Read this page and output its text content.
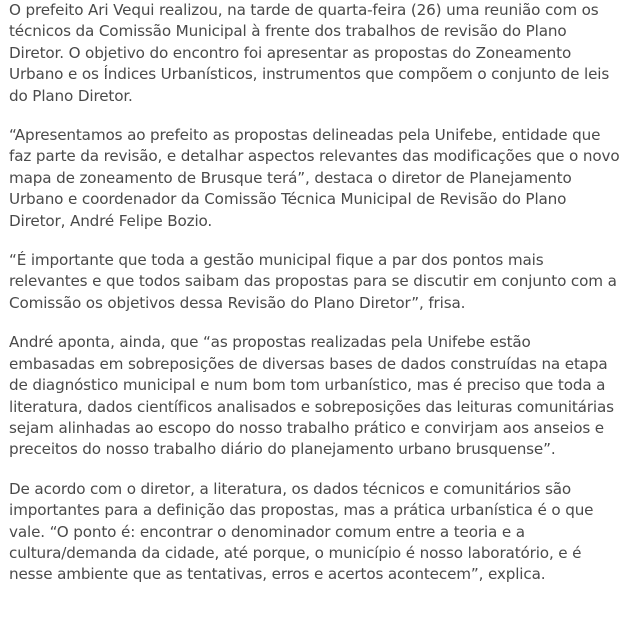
O prefeito Ari Vequi realizou, na tarde de quarta-feira (26) uma reunião com os técnicos da Comissão Municipal à frente dos trabalhos de revisão do Plano Diretor. O objetivo do encontro foi apresentar as propostas do Zoneamento Urbano e os Índices Urbanísticos, instrumentos que compõem o conjunto de leis do Plano Diretor.

“Apresentamos ao prefeito as propostas delineadas pela Unifebe, entidade que faz parte da revisão, e detalhar aspectos relevantes das modificações que o novo mapa de zoneamento de Brusque terá”, destaca o diretor de Planejamento Urbano e coordenador da Comissão Técnica Municipal de Revisão do Plano Diretor, André Felipe Bozio.

“É importante que toda a gestão municipal fique a par dos pontos mais relevantes e que todos saibam das propostas para se discutir em conjunto com a Comissão os objetivos dessa Revisão do Plano Diretor”, frisa.

André aponta, ainda, que “as propostas realizadas pela Unifebe estão embasadas em sobreposições de diversas bases de dados construídas na etapa de diagnóstico municipal e num bom tom urbanístico, mas é preciso que toda a literatura, dados científicos analisados e sobreposições das leituras comunitárias sejam alinhadas ao escopo do nosso trabalho prático e convirjam aos anseios e preceitos do nosso trabalho diário do planejamento urbano brusquense”.

De acordo com o diretor, a literatura, os dados técnicos e comunitários são importantes para a definição das propostas, mas a prática urbanística é o que vale. “O ponto é: encontrar o denominador comum entre a teoria e a cultura/demanda da cidade, até porque, o município é nosso laboratório, e é nesse ambiente que as tentativas, erros e acertos acontecem”, explica.
